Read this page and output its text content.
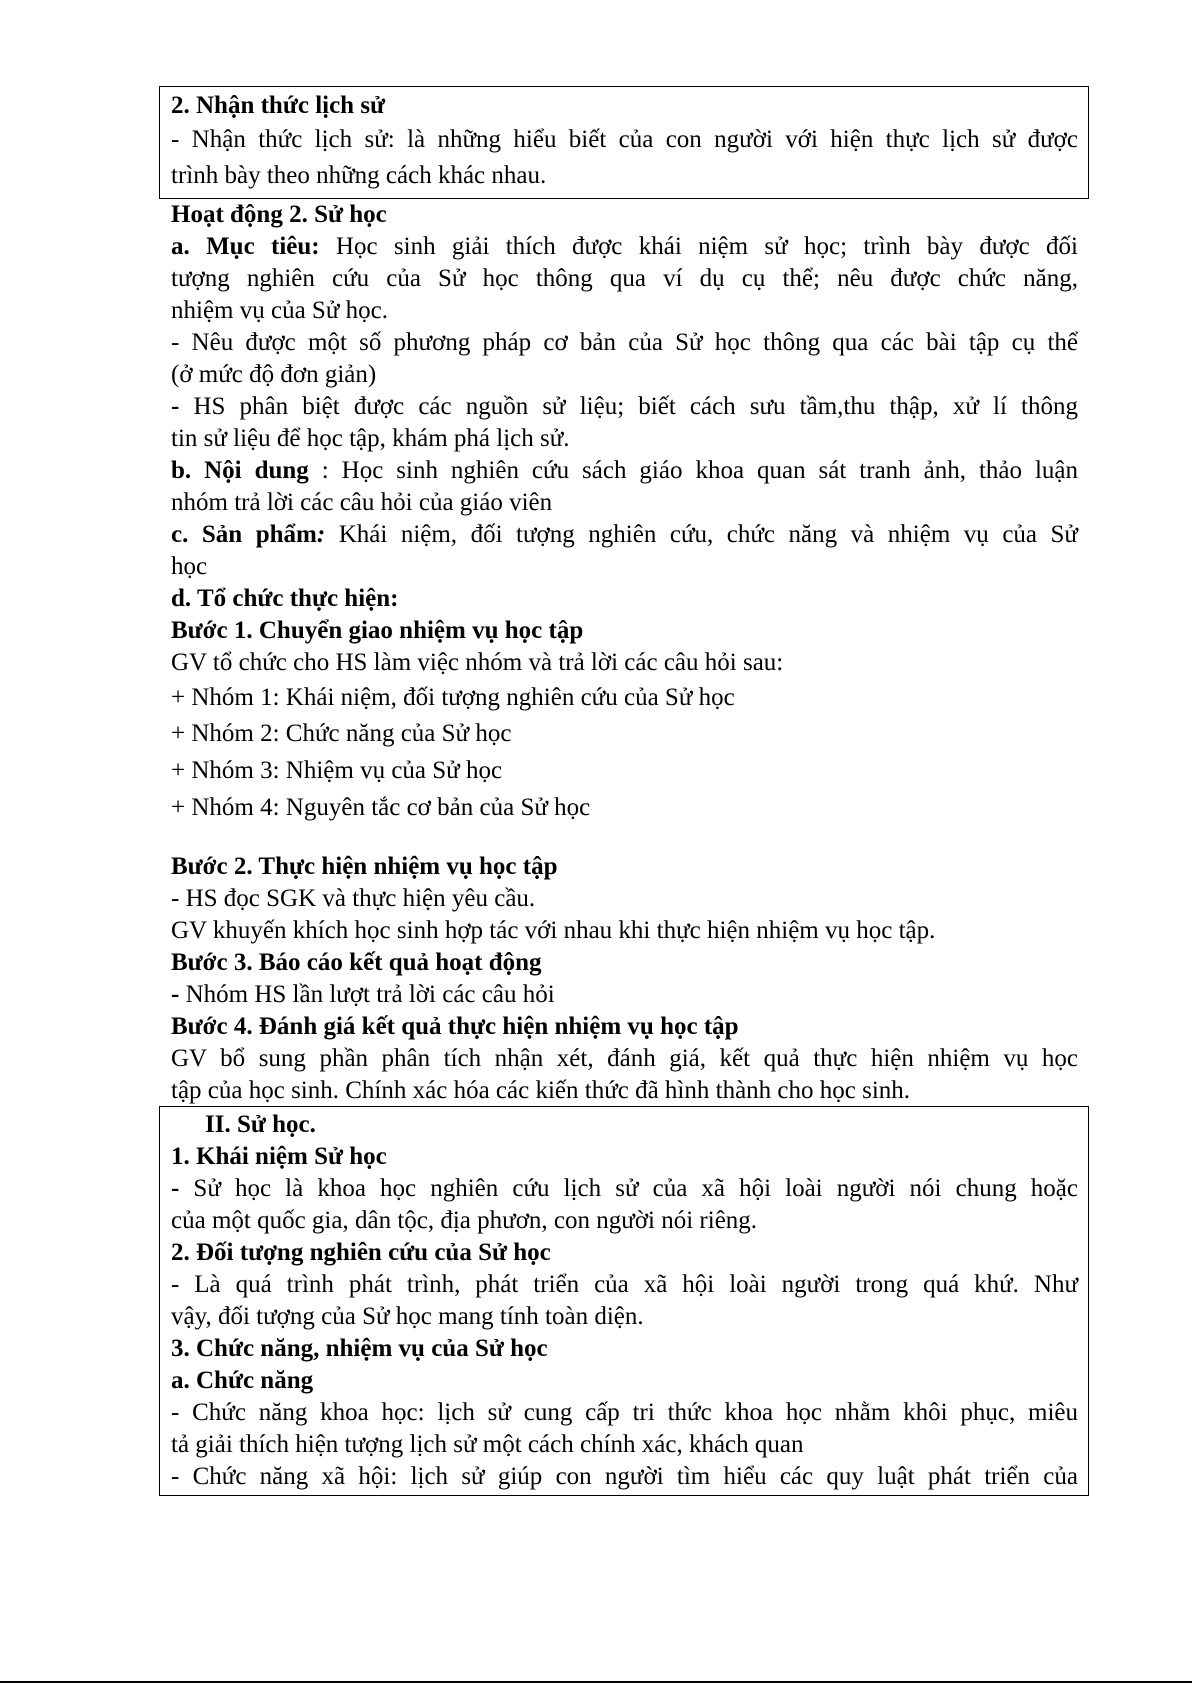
2. Nhận thức lịch sử
- Nhận thức lịch sử: là những hiểu biết của con người với hiện thực lịch sử được
trình bày theo những cách khác nhau.
Hoạt động 2. Sử học
a. Mục tiêu: Học sinh giải thích được khái niệm sử học; trình bày được đối
tượng nghiên cứu của Sử học thông qua ví dụ cụ thể; nêu được chức năng,
nhiệm vụ của Sử học.
- Nêu được một số phương pháp cơ bản của Sử học thông qua các bài tập cụ thể
(ở mức độ đơn giản)
- HS phân biệt được các nguồn sử liệu; biết cách sưu tầm,thu thập, xử lí thông
tin sử liệu để học tập, khám phá lịch sử.
b. Nội dung : Học sinh nghiên cứu sách giáo khoa quan sát tranh ảnh, thảo luận
nhóm trả lời các câu hỏi của giáo viên
c. Sản phẩm: Khái niệm, đối tượng nghiên cứu, chức năng và nhiệm vụ của Sử
học
d. Tổ chức thực hiện:
Bước 1. Chuyển giao nhiệm vụ học tập
GV tổ chức cho HS làm việc nhóm và trả lời các câu hỏi sau:
+ Nhóm 1: Khái niệm, đối tượng nghiên cứu của Sử học
+ Nhóm 2: Chức năng của Sử học
+ Nhóm 3: Nhiệm vụ của Sử học
+ Nhóm 4: Nguyên tắc cơ bản của Sử học
Bước 2. Thực hiện nhiệm vụ học tập
- HS đọc SGK và thực hiện yêu cầu.
GV khuyến khích học sinh hợp tác với nhau khi thực hiện nhiệm vụ học tập.
Bước 3. Báo cáo kết quả hoạt động
- Nhóm HS lần lượt trả lời các câu hỏi
Bước 4. Đánh giá kết quả thực hiện nhiệm vụ học tập
GV bổ sung phần phân tích nhận xét, đánh giá, kết quả thực hiện nhiệm vụ học
tập của học sinh. Chính xác hóa các kiến thức đã hình thành cho học sinh.
II. Sử học.
1. Khái niệm Sử học
- Sử học là khoa học nghiên cứu lịch sử của xã hội loài người nói chung hoặc
của một quốc gia, dân tộc, địa phươn, con người nói riêng.
2. Đối tượng nghiên cứu của Sử học
- Là quá trình phát trình, phát triển của xã hội loài người trong quá khứ. Như
vậy, đối tượng của Sử học mang tính toàn diện.
3. Chức năng, nhiệm vụ của Sử học
a. Chức năng
- Chức năng khoa học: lịch sử cung cấp tri thức khoa học nhằm khôi phục, miêu
tả giải thích hiện tượng lịch sử một cách chính xác, khách quan
- Chức năng xã hội: lịch sử giúp con người tìm hiểu các quy luật phát triển của
